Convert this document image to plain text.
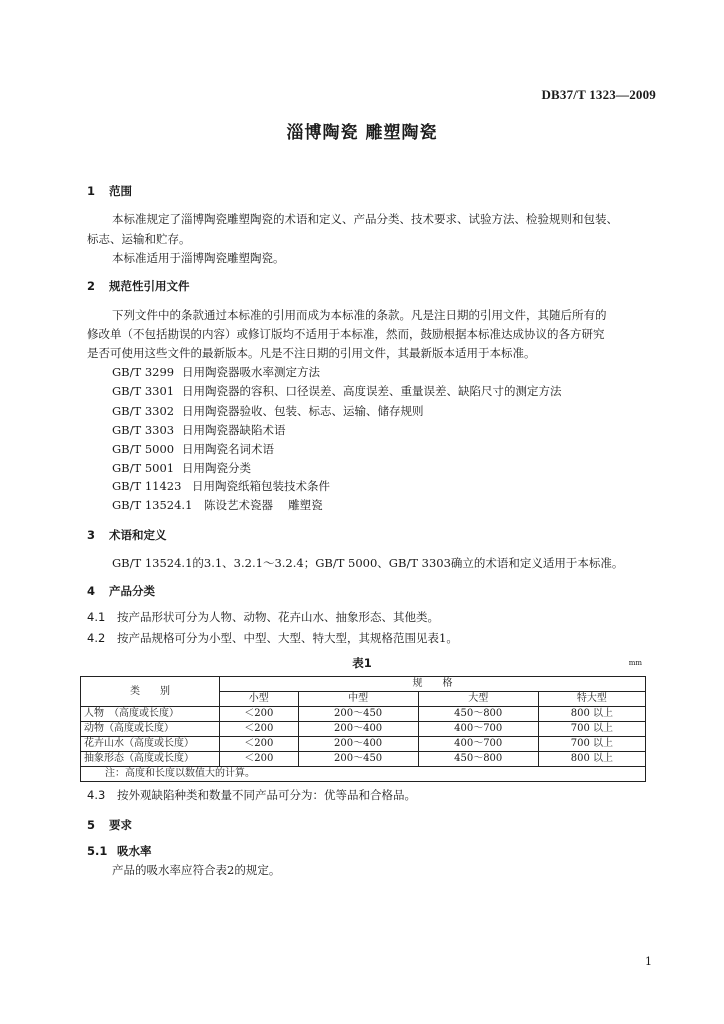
DB37/T 1323—2009
淄博陶瓷 雕塑陶瓷
1 范围
本标准规定了淄博陶瓷雕塑陶瓷的术语和定义、产品分类、技术要求、试验方法、检验规则和包装、
标志、运输和贮存。
本标准适用于淄博陶瓷雕塑陶瓷。
2 规范性引用文件
下列文件中的条款通过本标准的引用而成为本标准的条款。凡是注日期的引用文件，其随后所有的
修改单（不包括勘误的内容）或修订版均不适用于本标准，然而，鼓励根据本标准达成协议的各方研究
是否可使用这些文件的最新版本。凡是不注日期的引用文件，其最新版本适用于本标准。
GB/T 3299 日用陶瓷器吸水率测定方法
GB/T 3301 日用陶瓷器的容积、口径误差、高度误差、重量误差、缺陷尺寸的测定方法
GB/T 3302 日用陶瓷器验收、包装、标志、运输、储存规则
GB/T 3303 日用陶瓷器缺陷术语
GB/T 5000 日用陶瓷名词术语
GB/T 5001 日用陶瓷分类
GB/T 11423 日用陶瓷纸箱包装技术条件
GB/T 13524.1 陈设艺术瓷器　 雕塑瓷
3 术语和定义
GB/T 13524.1的3.1、3.2.1～3.2.4；GB/T 5000、GB/T 3303确立的术语和定义适用于本标准。
4 产品分类
4.1 按产品形状可分为人物、动物、花卉山水、抽象形态、其他类。
4.2 按产品规格可分为小型、中型、大型、特大型，其规格范围见表1。
表1	mm
类　　别	规　　格			
	小型	中型	大型	特大型
人物　（高度或长度）	＜200	200～450	450～800	800 以上
动物（高度或长度）	＜200	200～400	400～700	700 以上
花卉山水（高度或长度）	＜200	200～400	400～700	700 以上
抽象形态（高度或长度）	＜200	200～450	450～800	800 以上
注：高度和长度以数值大的计算。				
4.3 按外观缺陷种类和数量不同产品可分为：优等品和合格品。
5 要求
5.1 吸水率
产品的吸水率应符合表2的规定。
1
